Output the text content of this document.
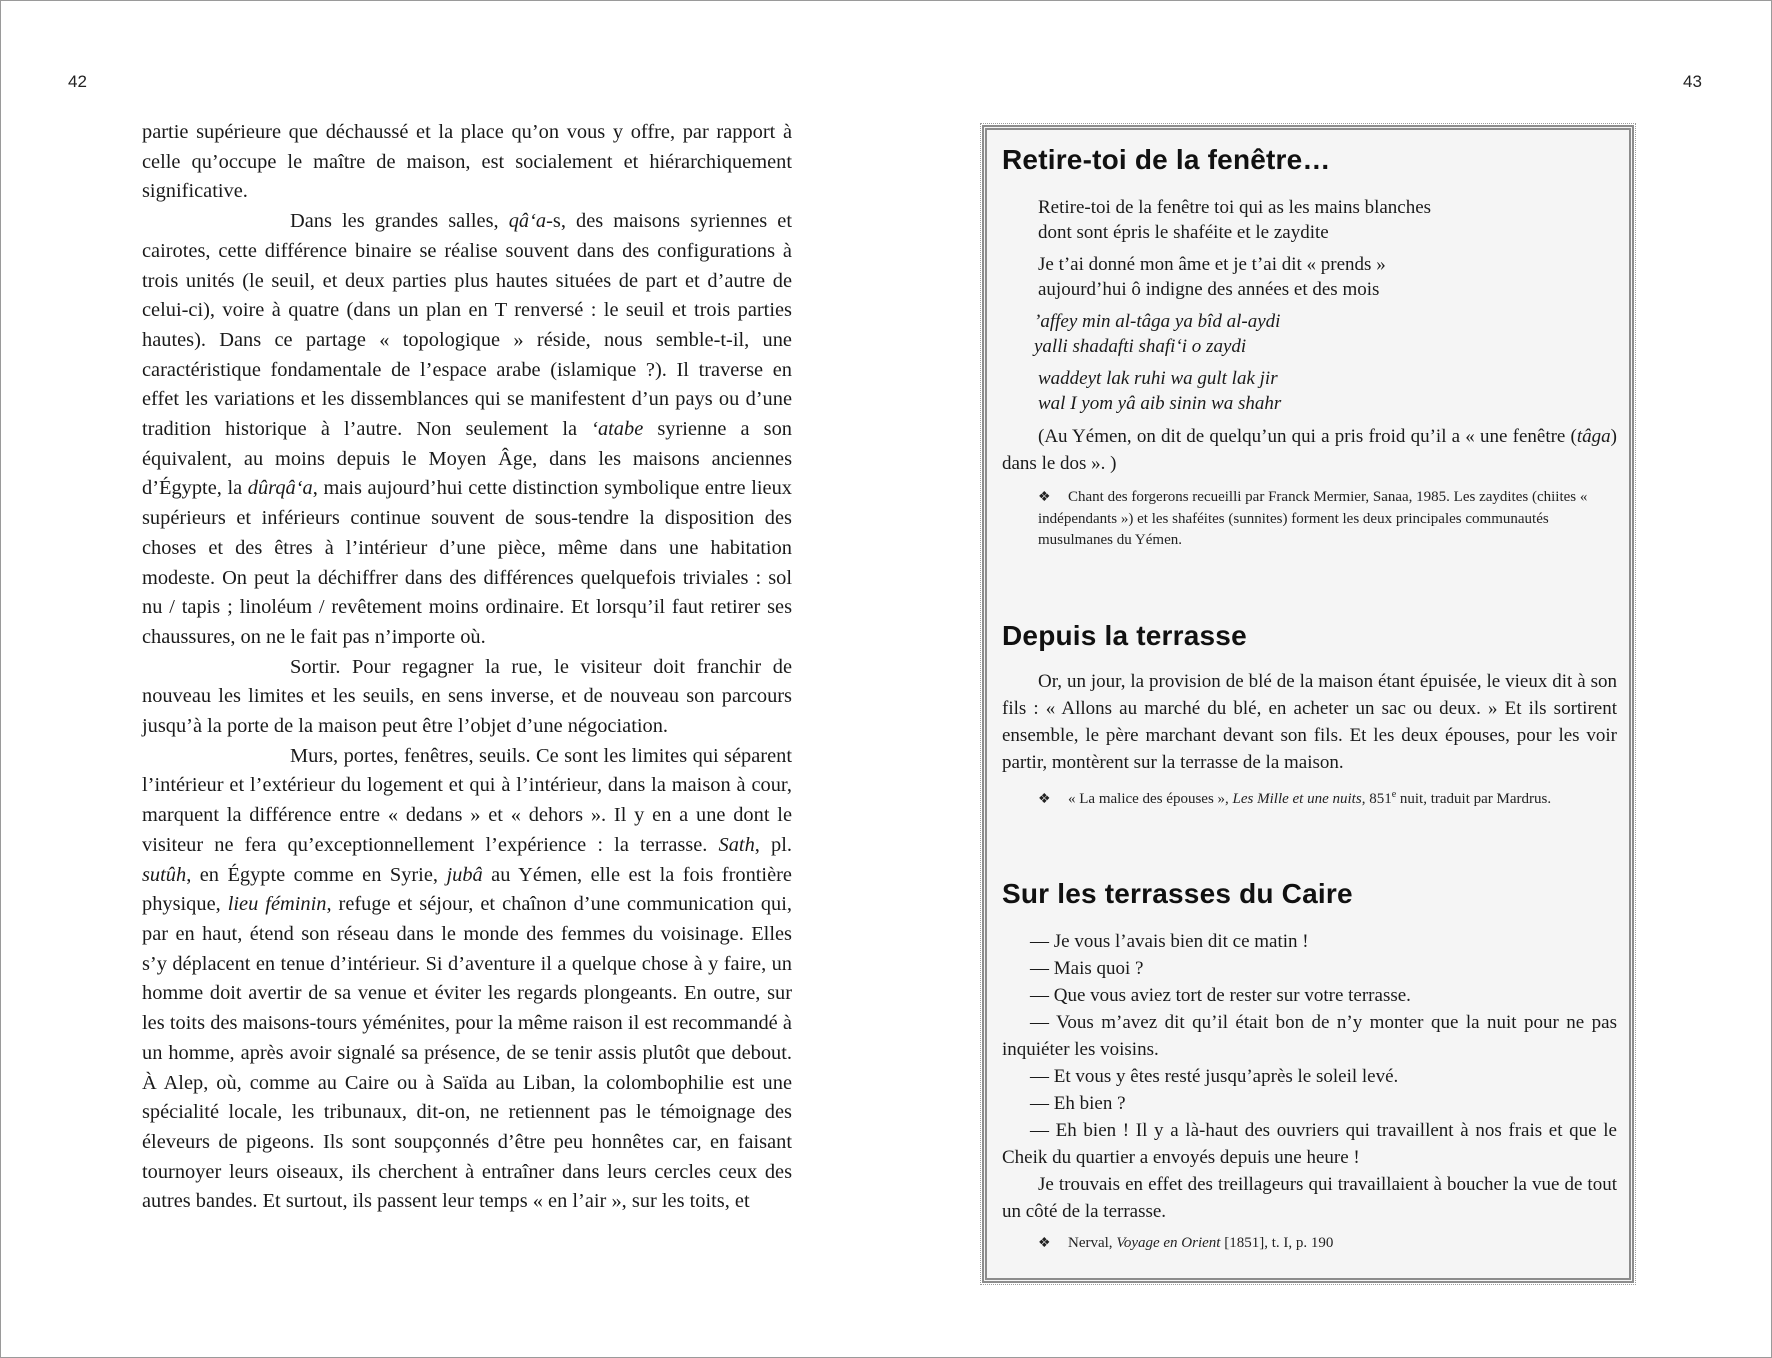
42	43

partie supérieure que déchaussé et la place qu’on vous y offre, par rapport à celle qu’occupe le maître de maison, est socialement et hiérarchiquement significative.

Dans les grandes salles, qâ‘a-s, des maisons syriennes et cairotes, cette différence binaire se réalise souvent dans des configurations à trois unités (le seuil, et deux parties plus hautes situées de part et d’autre de celui-ci), voire à quatre (dans un plan en T renversé : le seuil et trois parties hautes). Dans ce partage « topologique » réside, nous semble-t-il, une caractéristique fondamentale de l’espace arabe (islamique ?). Il traverse en effet les variations et les dissemblances qui se manifestent d’un pays ou d’une tradition historique à l’autre. Non seulement la ‘atabe syrienne a son équivalent, au moins depuis le Moyen Âge, dans les maisons anciennes d’Égypte, la dûrqâ‘a, mais aujourd’hui cette distinction symbolique entre lieux supérieurs et inférieurs continue souvent de sous-tendre la disposition des choses et des êtres à l’intérieur d’une pièce, même dans une habitation modeste. On peut la déchiffrer dans des différences quelquefois triviales : sol nu / tapis ; linoléum / revêtement moins ordinaire. Et lorsqu’il faut retirer ses chaussures, on ne le fait pas n’importe où.

Sortir. Pour regagner la rue, le visiteur doit franchir de nouveau les limites et les seuils, en sens inverse, et de nouveau son parcours jusqu’à la porte de la maison peut être l’objet d’une négociation.

Murs, portes, fenêtres, seuils. Ce sont les limites qui séparent l’intérieur et l’extérieur du logement et qui à l’intérieur, dans la maison à cour, marquent la différence entre « dedans » et « dehors ». Il y en a une dont le visiteur ne fera qu’exceptionnellement l’expérience : la terrasse. Sath, pl. sutûh, en Égypte comme en Syrie, jubâ au Yémen, elle est la fois frontière physique, lieu féminin, refuge et séjour, et chaînon d’une communication qui, par en haut, étend son réseau dans le monde des femmes du voisinage. Elles s’y déplacent en tenue d’intérieur. Si d’aventure il a quelque chose à y faire, un homme doit avertir de sa venue et éviter les regards plongeants. En outre, sur les toits des maisons-tours yéménites, pour la même raison il est recommandé à un homme, après avoir signalé sa présence, de se tenir assis plutôt que debout. À Alep, où, comme au Caire ou à Saïda au Liban, la colombophilie est une spécialité locale, les tribunaux, dit-on, ne retiennent pas le témoignage des éleveurs de pigeons. Ils sont soupçonnés d’être peu honnêtes car, en faisant tournoyer leurs oiseaux, ils cherchent à entraîner dans leurs cercles ceux des autres bandes. Et surtout, ils passent leur temps « en l’air », sur les toits, et

Retire-toi de la fenêtre…
Retire-toi de la fenêtre toi qui as les mains blanches
dont sont épris le shaféite et le zaydite
Je t’ai donné mon âme et je t’ai dit « prends »
aujourd’hui ô indigne des années et des mois
’affey min al-tâga ya bîd al-aydi
yalli shadafti shafi‘i o zaydi
waddeyt lak ruhi wa gult lak jir
wal I yom yâ aib sinin wa shahr

(Au Yémen, on dit de quelqu’un qui a pris froid qu’il a « une fenêtre (tâga) dans le dos ». )

❖ Chant des forgerons recueilli par Franck Mermier, Sanaa, 1985. Les zaydites (chiites « indépendants ») et les shaféites (sunnites) forment les deux principales communautés musulmanes du Yémen.
Depuis la terrasse

Or, un jour, la provision de blé de la maison étant épuisée, le vieux dit à son fils : « Allons au marché du blé, en acheter un sac ou deux. » Et ils sortirent ensemble, le père marchant devant son fils. Et les deux épouses, pour les voir partir, montèrent sur la terrasse de la maison.

❖ « La malice des épouses », Les Mille et une nuits, 851e nuit, traduit par Mardrus.
Sur les terrasses du Caire

— Je vous l’avais bien dit ce matin !

— Mais quoi ?

— Que vous aviez tort de rester sur votre terrasse.

— Vous m’avez dit qu’il était bon de n’y monter que la nuit pour ne pas inquiéter les voisins.

— Et vous y êtes resté jusqu’après le soleil levé.

— Eh bien ?

— Eh bien ! Il y a là-haut des ouvriers qui travaillent à nos frais et que le Cheik du quartier a envoyés depuis une heure !

Je trouvais en effet des treillageurs qui travaillaient à boucher la vue de tout un côté de la terrasse.

❖ Nerval, Voyage en Orient [1851], t. I, p. 190
